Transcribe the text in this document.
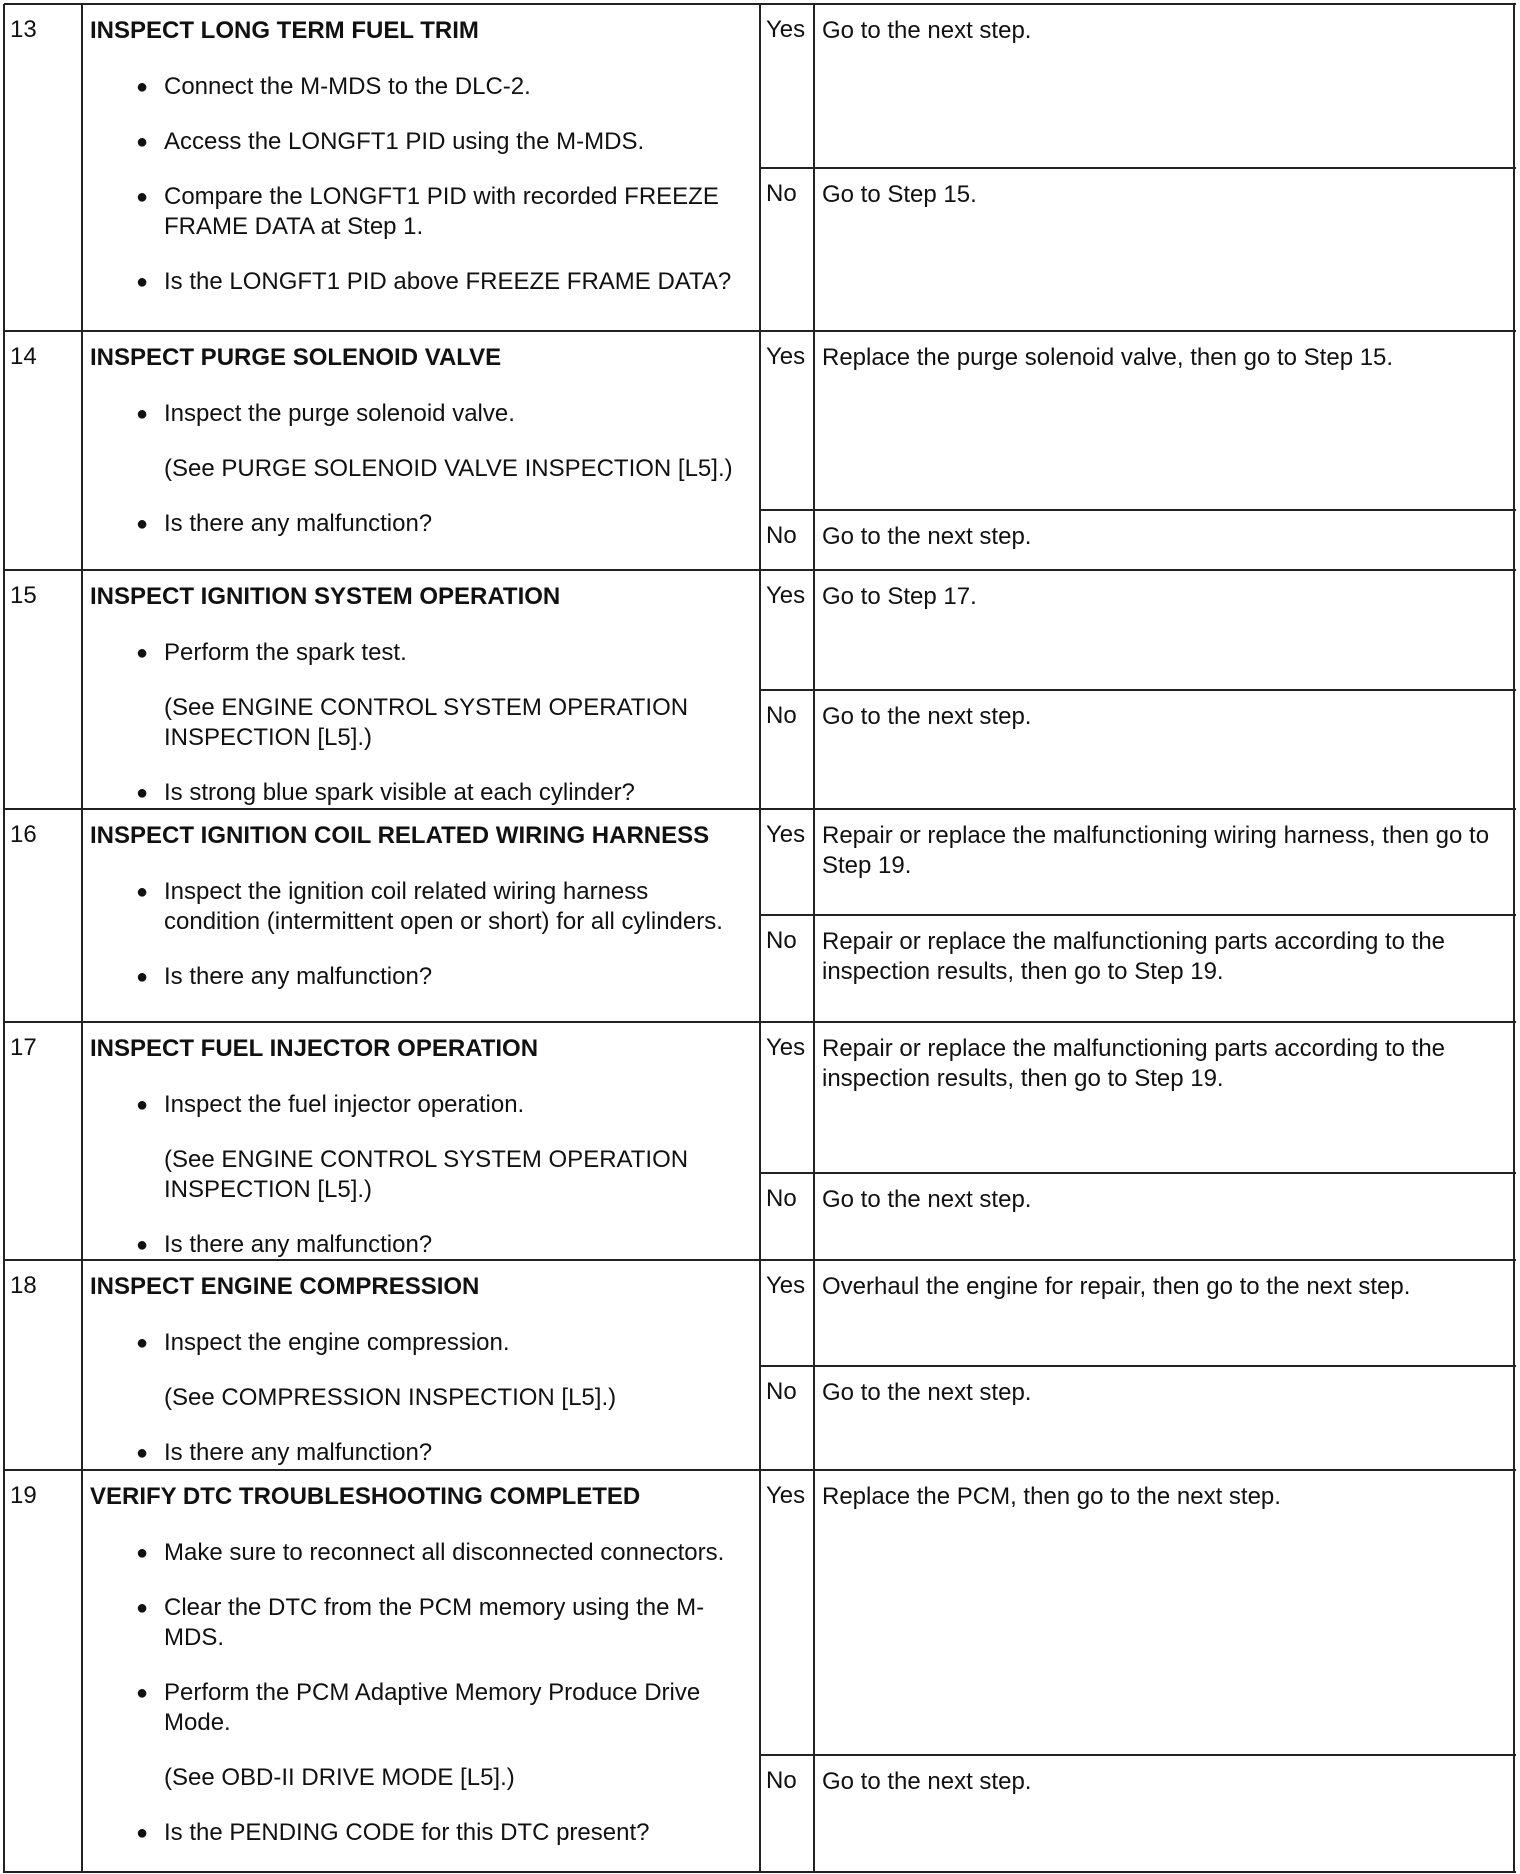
13	INSPECT LONG TERM FUEL TRIM
● Connect the M-MDS to the DLC-2.
● Access the LONGFT1 PID using the M-MDS.
● Compare the LONGFT1 PID with recorded FREEZE FRAME DATA at Step 1.
● Is the LONGFT1 PID above FREEZE FRAME DATA?
Yes Go to the next step.
No	Go to Step 15.
14	INSPECT PURGE SOLENOID VALVE
● Inspect the purge solenoid valve.
(See PURGE SOLENOID VALVE INSPECTION [L5].)
● Is there any malfunction?
Yes Replace the purge solenoid valve, then go to Step 15.
No	Go to the next step.
15	INSPECT IGNITION SYSTEM OPERATION
● Perform the spark test.
(See ENGINE CONTROL SYSTEM OPERATION INSPECTION [L5].)
● Is strong blue spark visible at each cylinder?
Yes Go to Step 17.
No	Go to the next step.
16	INSPECT IGNITION COIL RELATED WIRING HARNESS
● Inspect the ignition coil related wiring harness condition (intermittent open or short) for all cylinders.
● Is there any malfunction?
Yes Repair or replace the malfunctioning wiring harness, then go to Step 19.
No	Repair or replace the malfunctioning parts according to the inspection results, then go to Step 19.
17	INSPECT FUEL INJECTOR OPERATION
● Inspect the fuel injector operation.
(See ENGINE CONTROL SYSTEM OPERATION INSPECTION [L5].)
● Is there any malfunction?
Yes Repair or replace the malfunctioning parts according to the inspection results, then go to Step 19.
No	Go to the next step.
18	INSPECT ENGINE COMPRESSION
● Inspect the engine compression.
(See COMPRESSION INSPECTION [L5].)
● Is there any malfunction?
Yes Overhaul the engine for repair, then go to the next step.
No	Go to the next step.
19	VERIFY DTC TROUBLESHOOTING COMPLETED
● Make sure to reconnect all disconnected connectors.
● Clear the DTC from the PCM memory using the M-MDS.
● Perform the PCM Adaptive Memory Produce Drive Mode.
(See OBD-II DRIVE MODE [L5].)
● Is the PENDING CODE for this DTC present?
Yes Replace the PCM, then go to the next step.
No	Go to the next step.
